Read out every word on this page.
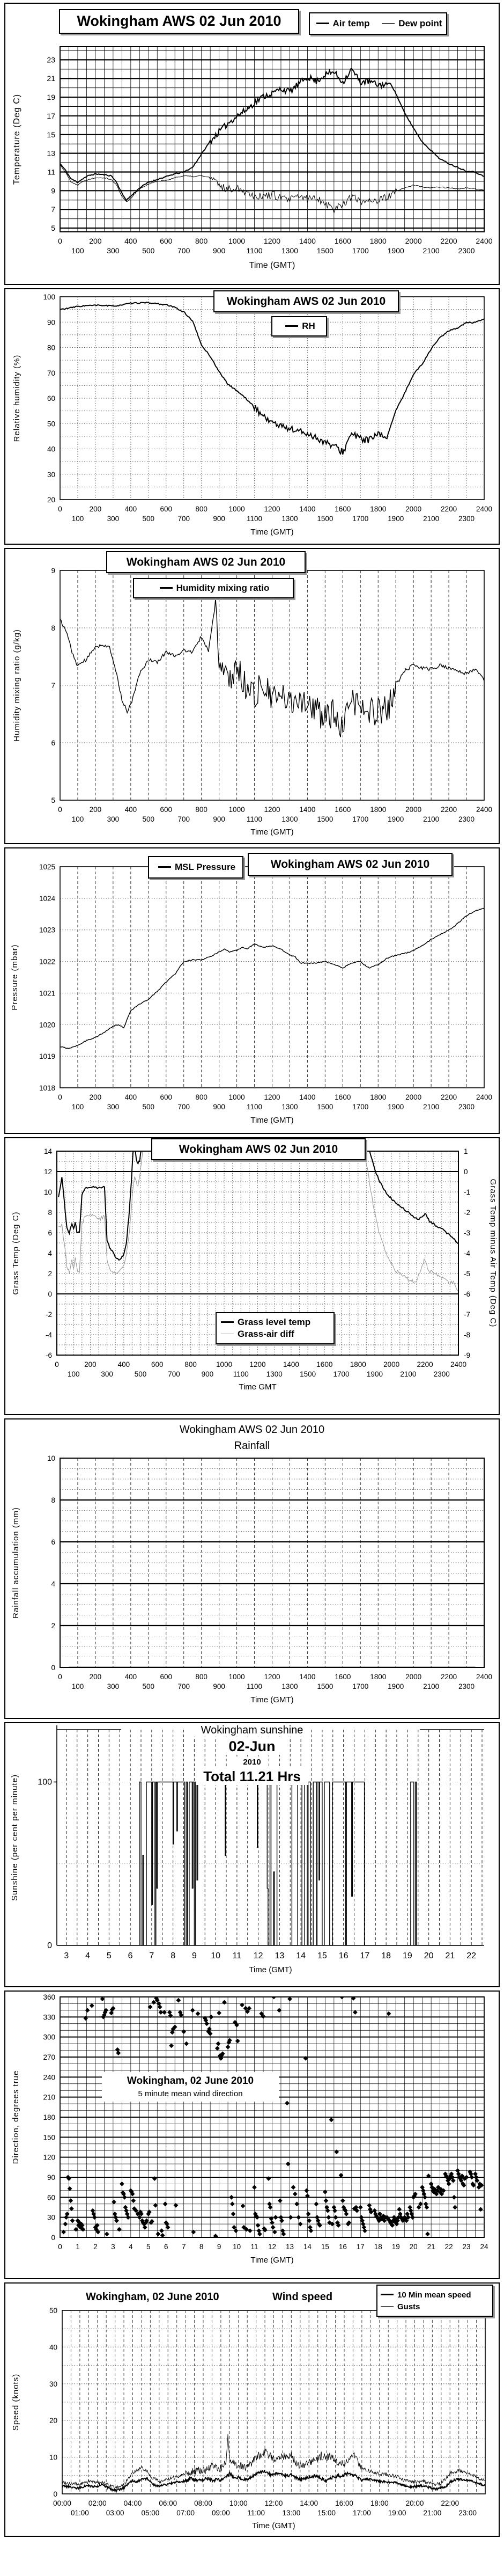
Wokingham AWS 02 Jun 2010	Air temp	Dew point
5
7
9
11
13
15
17
19
21
23
0	200	400	600	800	1000 1200 1400 1600 1800 2000 2200 2400
100	300	500	700	900	1100	1300 1500 1700 1900 2100 2300
Time (GMT)
Temperature (Deg C)
Wokingham AWS 02 Jun 2010
RH
20
30
40
50
60
70
80
90
100
0	200	400	600	800	1000	1200	1400	1600	1800	2000	2200	2400
100	300	500	700	900	1100	1300	1500	1700	1900	2100	2300
Time (GMT)
Relative humidity (%)
Wokingham AWS 02 Jun 2010
Humidity mixing ratio
5
6
7
8
9
0	200	400	600	800	1000	1200	1400	1600	1800	2000	2200	2400
100	300	500	700	900	1100	1300	1500	1700	1900	2100	2300
Time (GMT)
Humidity mixing ratio (g/kg)
MSL Pressure	Wokingham AWS 02 Jun 2010
1018
1019
1020
1021
1022
1023
1024
1025
0	200	400	600	800	1000	1200	1400	1600	1800	2000	2200	2400
100	300	500	700	900	1100	1300	1500	1700	1900	2100	2300
Time (GMT)
Pressure (mbar)
Wokingham AWS 02 Jun 2010
Grass level temp
Grass-air diff
-6
-4
-2
0
2
4
6
8
10
12
14	1
0
-1
-2
-3
-4
-5
-6
-7
-8
-9
Grass Temp minus Air Temp (Deg C)
0	200	400	600	800	1000 1200 1400 1600 1800 2000 2200 2400
100	300	500	700	900	1100 1300 1500 1700 1900 2100 2300
Time GMT
Grass Temp (Deg C)
Wokingham AWS 02 Jun 2010
Rainfall
0
2
4
6
8
10
0	200	400	600	800	1000	1200	1400	1600	1800	2000	2200	2400
100	300	500	700	900	1100	1300	1500	1700	1900	2100	2300
Time (GMT)
Rainfall accumulation (mm)
Wokingham sunshine
02-Jun
2010
Total 11.21 Hrs
0
100
3 4 5 6 7 8 9 10 11 12 13 14 15 16 17 18 19 20 21 22
Time (GMT)
Sunshine (per cent per minute)
Wokingham, 02 June 2010
5 minute mean wind direction
0
30
60
90
120
150
180
210
240
270
300
330
360
0 1 2 3 4 5 6 7 8 9 10 11 12 13 14 15 16 17 18 19 20 21 22 23 24
Time (GMT)
Direction, degrees true
Wokingham, 02 June 2010	Wind speed	10 Min mean speed
Gusts
0
10
20
30
40
50
00:00 02:00 04:00 06:00 08:00 10:00 12:00 14:00 16:00 18:00 20:00 22:00
01:00 03:00 05:00 07:00 09:00 11:00 13:00 15:00 17:00 19:00 21:00 23:00
Time (GMT)
Speed (knots)
